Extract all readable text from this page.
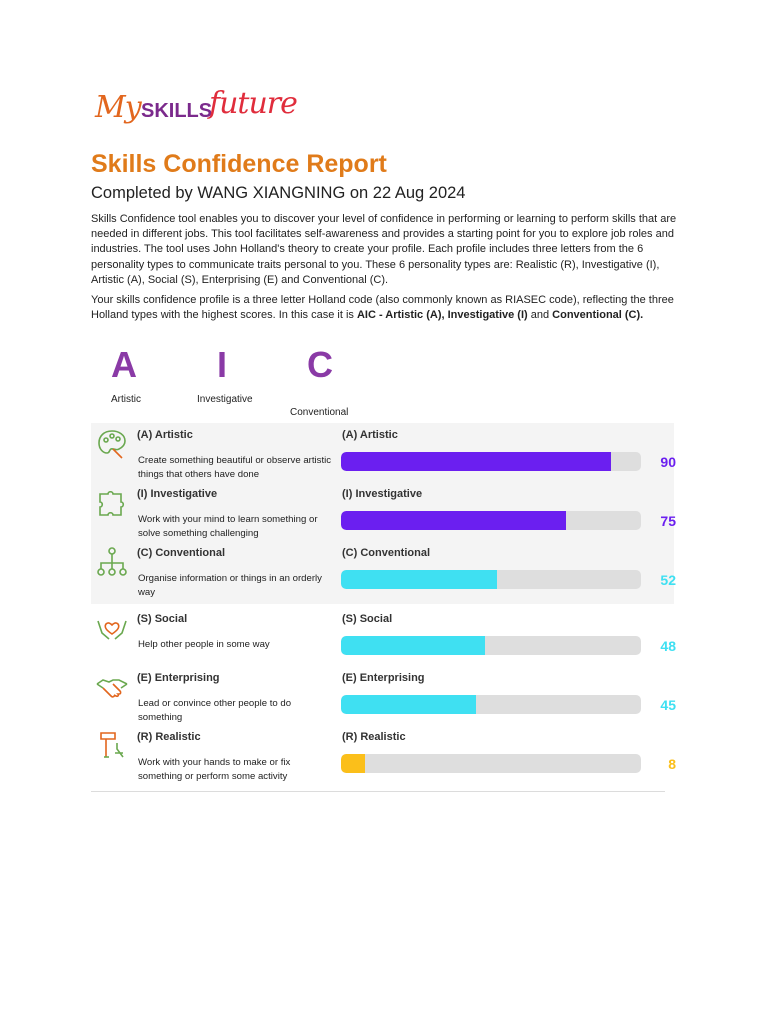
My SKILLS
future
Skills Confidence Report
Completed by WANG XIANGNING on 22 Aug 2024
Skills Confidence tool enables you to discover your level of confidence in performing or learning to perform skills that are needed in different jobs. This tool facilitates self-awareness and provides a starting point for you to explore job roles and industries. The tool uses John Holland's theory to create your profile. Each profile includes three letters from the 6 personality types to communicate traits personal to you. These 6 personality types are: Realistic (R), Investigative (I), Artistic (A), Social (S), Enterprising (E) and Conventional (C).
Your skills confidence profile is a three letter Holland code (also commonly known as RIASEC code), reflecting the three Holland types with the highest scores. In this case it is AIC - Artistic (A), Investigative (I) and Conventional (C).
A I C
Artistic	Investigative
Conventional
(A) Artistic
Create something beautiful or observe artistic things that others have done
(A) Artistic
90
(I) Investigative
Work with your mind to learn something or solve something challenging
(I) Investigative
75
(C) Conventional
Organise information or things in an orderly way
(C) Conventional
52
(S) Social
Help other people in some way
(S) Social
48
(E) Enterprising
Lead or convince other people to do something
(E) Enterprising
45
(R) Realistic
Work with your hands to make or fix something or perform some activity
(R) Realistic
8
